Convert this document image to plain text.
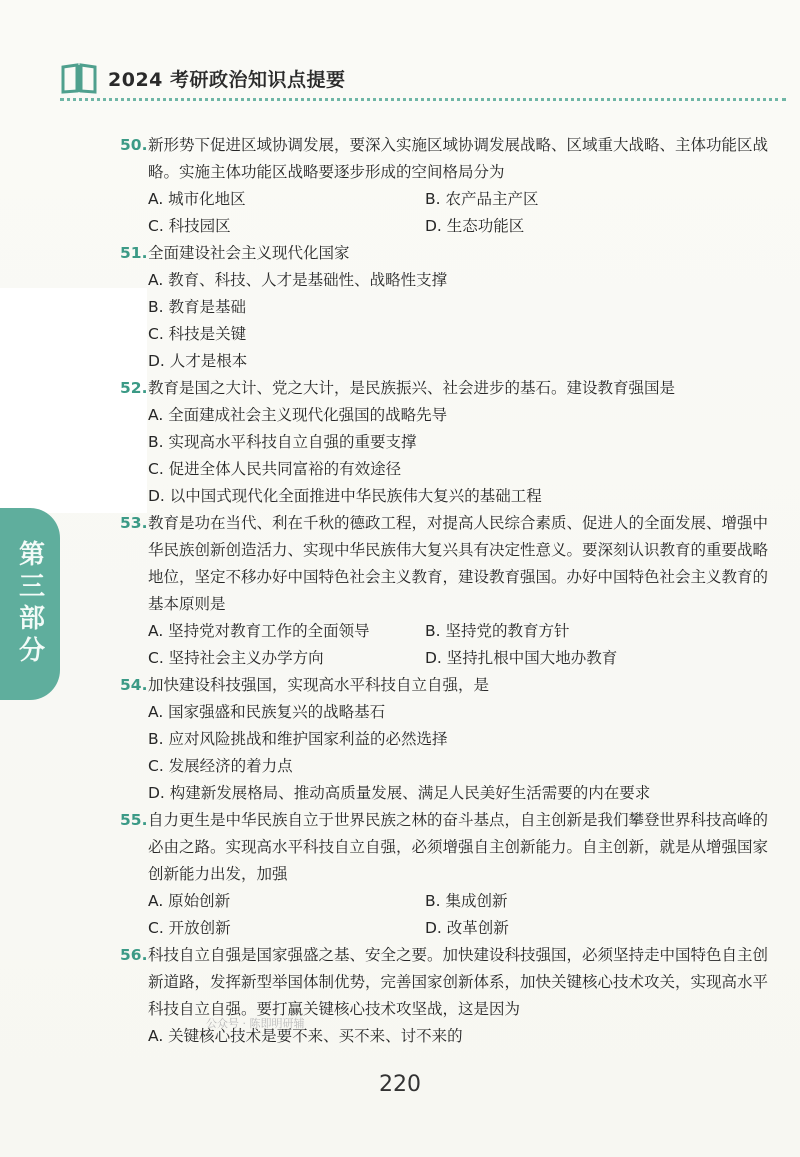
2024 考研政治知识点提要
第三部分
50. 新形势下促进区域协调发展，要深入实施区域协调发展战略、区域重大战略、主体功能区战略。实施主体功能区战略要逐步形成的空间格局分为
A. 城市化地区	B. 农产品主产区
C. 科技园区	D. 生态功能区
51. 全面建设社会主义现代化国家
A. 教育、科技、人才是基础性、战略性支撑
B. 教育是基础
C. 科技是关键
D. 人才是根本
52. 教育是国之大计、党之大计，是民族振兴、社会进步的基石。建设教育强国是
A. 全面建成社会主义现代化强国的战略先导
B. 实现高水平科技自立自强的重要支撑
C. 促进全体人民共同富裕的有效途径
D. 以中国式现代化全面推进中华民族伟大复兴的基础工程
53. 教育是功在当代、利在千秋的德政工程，对提高人民综合素质、促进人的全面发展、增强中华民族创新创造活力、实现中华民族伟大复兴具有决定性意义。要深刻认识教育的重要战略地位，坚定不移办好中国特色社会主义教育，建设教育强国。办好中国特色社会主义教育的基本原则是
A. 坚持党对教育工作的全面领导	B. 坚持党的教育方针
C. 坚持社会主义办学方向	D. 坚持扎根中国大地办教育
54. 加快建设科技强国，实现高水平科技自立自强，是
A. 国家强盛和民族复兴的战略基石
B. 应对风险挑战和维护国家利益的必然选择
C. 发展经济的着力点
D. 构建新发展格局、推动高质量发展、满足人民美好生活需要的内在要求
55. 自力更生是中华民族自立于世界民族之林的奋斗基点，自主创新是我们攀登世界科技高峰的必由之路。实现高水平科技自立自强，必须增强自主创新能力。自主创新，就是从增强国家创新能力出发，加强
A. 原始创新	B. 集成创新
C. 开放创新	D. 改革创新
56. 科技自立自强是国家强盛之基、安全之要。加快建设科技强国，必须坚持走中国特色自主创新道路，发挥新型举国体制优势，完善国家创新体系，加快关键核心技术攻关，实现高水平科技自立自强。要打赢关键核心技术攻坚战，这是因为
A. 关键核心技术是要不来、买不来、讨不来的
公众号 · 陈即明研辅
220
